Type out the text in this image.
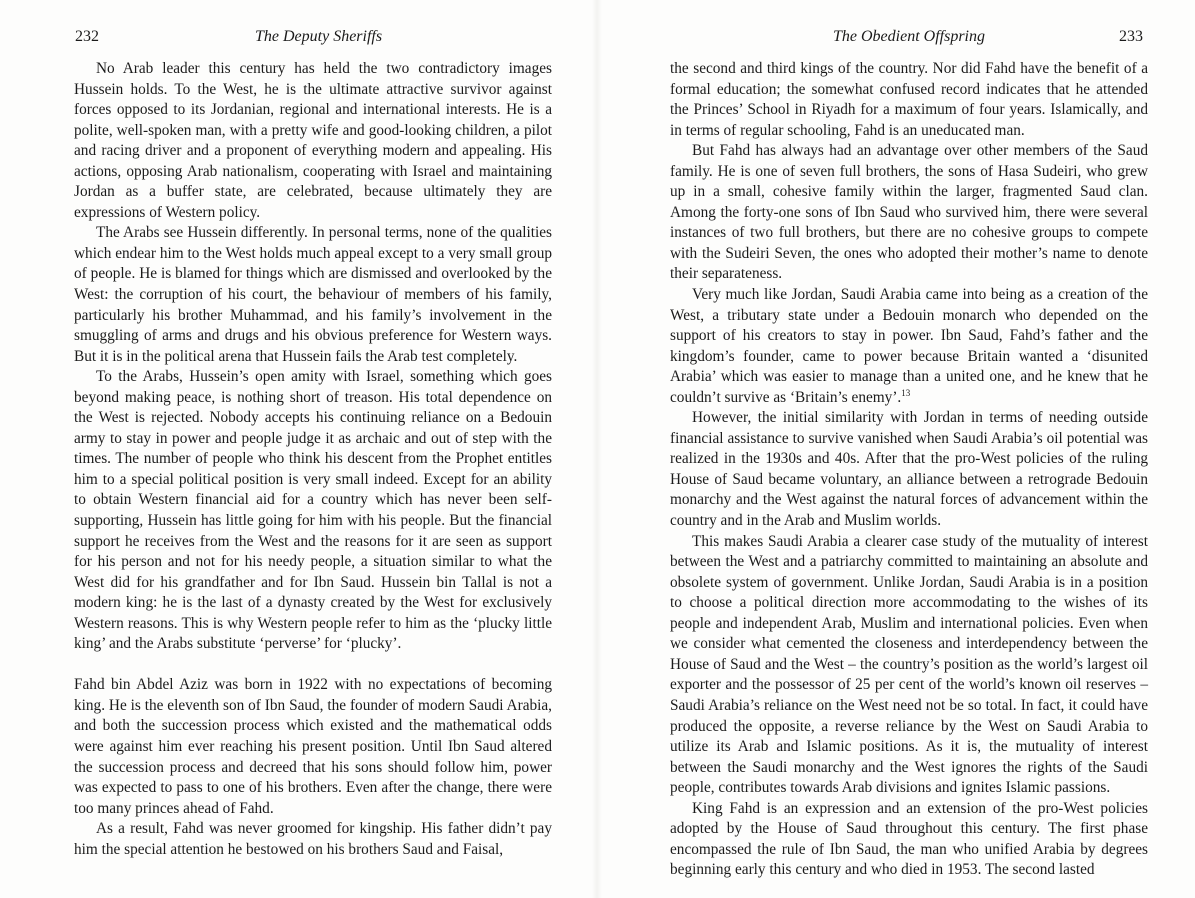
232	The Deputy Sheriffs

No Arab leader this century has held the two contradictory images Hussein holds. To the West, he is the ultimate attractive survivor against forces opposed to its Jordanian, regional and international interests. He is a polite, well-spoken man, with a pretty wife and good-looking children, a pilot and racing driver and a proponent of everything modern and appealing. His actions, opposing Arab nationalism, cooperating with Israel and maintaining Jordan as a buffer state, are celebrated, because ultimately they are expressions of Western policy.

The Arabs see Hussein differently. In personal terms, none of the qualities which endear him to the West holds much appeal except to a very small group of people. He is blamed for things which are dismissed and overlooked by the West: the corruption of his court, the behaviour of members of his family, particularly his brother Muhammad, and his family’s involvement in the smuggling of arms and drugs and his obvious preference for Western ways. But it is in the political arena that Hussein fails the Arab test completely.

To the Arabs, Hussein’s open amity with Israel, something which goes beyond making peace, is nothing short of treason. His total dependence on the West is rejected. Nobody accepts his continuing reliance on a Bedouin army to stay in power and people judge it as archaic and out of step with the times. The number of people who think his descent from the Prophet entitles him to a special political position is very small indeed. Except for an ability to obtain Western financial aid for a country which has never been self-supporting, Hussein has little going for him with his people. But the financial support he receives from the West and the reasons for it are seen as support for his person and not for his needy people, a situation similar to what the West did for his grandfather and for Ibn Saud. Hussein bin Tallal is not a modern king: he is the last of a dynasty created by the West for exclusively Western reasons. This is why Western people refer to him as the ‘plucky little king’ and the Arabs substitute ‘perverse’ for ‘plucky’.

Fahd bin Abdel Aziz was born in 1922 with no expectations of becoming king. He is the eleventh son of Ibn Saud, the founder of modern Saudi Arabia, and both the succession process which existed and the mathematical odds were against him ever reaching his present position. Until Ibn Saud altered the succession process and decreed that his sons should follow him, power was expected to pass to one of his brothers. Even after the change, there were too many princes ahead of Fahd.

As a result, Fahd was never groomed for kingship. His father didn’t pay him the special attention he bestowed on his brothers Saud and Faisal,

The Obedient Offspring	233

the second and third kings of the country. Nor did Fahd have the benefit of a formal education; the somewhat confused record indicates that he attended the Princes’ School in Riyadh for a maximum of four years. Islamically, and in terms of regular schooling, Fahd is an uneducated man.

But Fahd has always had an advantage over other members of the Saud family. He is one of seven full brothers, the sons of Hasa Sudeiri, who grew up in a small, cohesive family within the larger, fragmented Saud clan. Among the forty-one sons of Ibn Saud who survived him, there were several instances of two full brothers, but there are no cohesive groups to compete with the Sudeiri Seven, the ones who adopted their mother’s name to denote their separateness.

Very much like Jordan, Saudi Arabia came into being as a creation of the West, a tributary state under a Bedouin monarch who depended on the support of his creators to stay in power. Ibn Saud, Fahd’s father and the kingdom’s founder, came to power because Britain wanted a ‘disunited Arabia’ which was easier to manage than a united one, and he knew that he couldn’t survive as ‘Britain’s enemy’.$^{13}$

However, the initial similarity with Jordan in terms of needing outside financial assistance to survive vanished when Saudi Arabia’s oil potential was realized in the 1930s and 40s. After that the pro-West policies of the ruling House of Saud became voluntary, an alliance between a retrograde Bedouin monarchy and the West against the natural forces of advancement within the country and in the Arab and Muslim worlds.

This makes Saudi Arabia a clearer case study of the mutuality of interest between the West and a patriarchy committed to maintaining an absolute and obsolete system of government. Unlike Jordan, Saudi Arabia is in a position to choose a political direction more accommodating to the wishes of its people and independent Arab, Muslim and international policies. Even when we consider what cemented the closeness and interdependency between the House of Saud and the West – the country’s position as the world’s largest oil exporter and the possessor of 25 per cent of the world’s known oil reserves – Saudi Arabia’s reliance on the West need not be so total. In fact, it could have produced the opposite, a reverse reliance by the West on Saudi Arabia to utilize its Arab and Islamic positions. As it is, the mutuality of interest between the Saudi monarchy and the West ignores the rights of the Saudi people, contributes towards Arab divisions and ignites Islamic passions.

King Fahd is an expression and an extension of the pro-West policies adopted by the House of Saud throughout this century. The first phase encompassed the rule of Ibn Saud, the man who unified Arabia by degrees beginning early this century and who died in 1953. The second lasted
